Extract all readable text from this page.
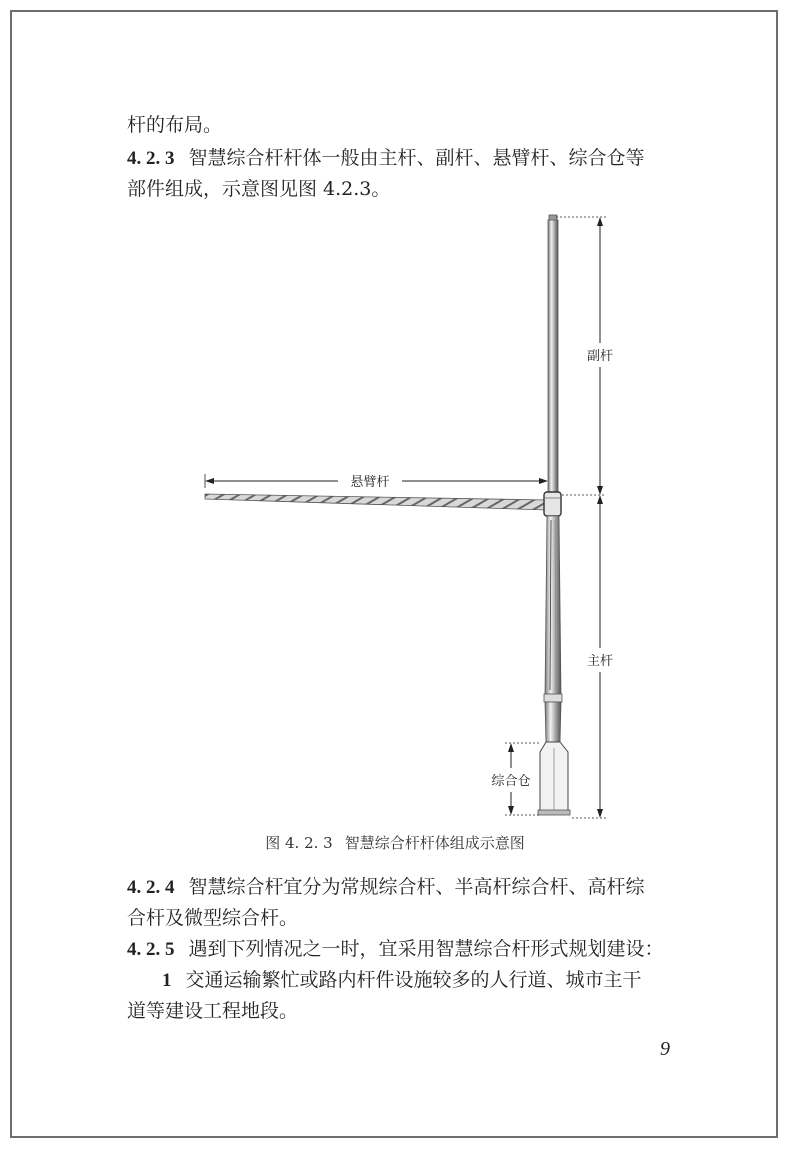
杆的布局。
4. 2. 3 智慧综合杆杆体一般由主杆、副杆、悬臂杆、综合仓等
部件组成，示意图见图 4.2.3。
副杆
主杆
悬臂杆
综合仓
图 4. 2. 3 智慧综合杆杆体组成示意图
4. 2. 4 智慧综合杆宜分为常规综合杆、半高杆综合杆、高杆综
合杆及微型综合杆。
4. 2. 5 遇到下列情况之一时，宜采用智慧综合杆形式规划建设：
1 交通运输繁忙或路内杆件设施较多的人行道、城市主干
道等建设工程地段。
9
